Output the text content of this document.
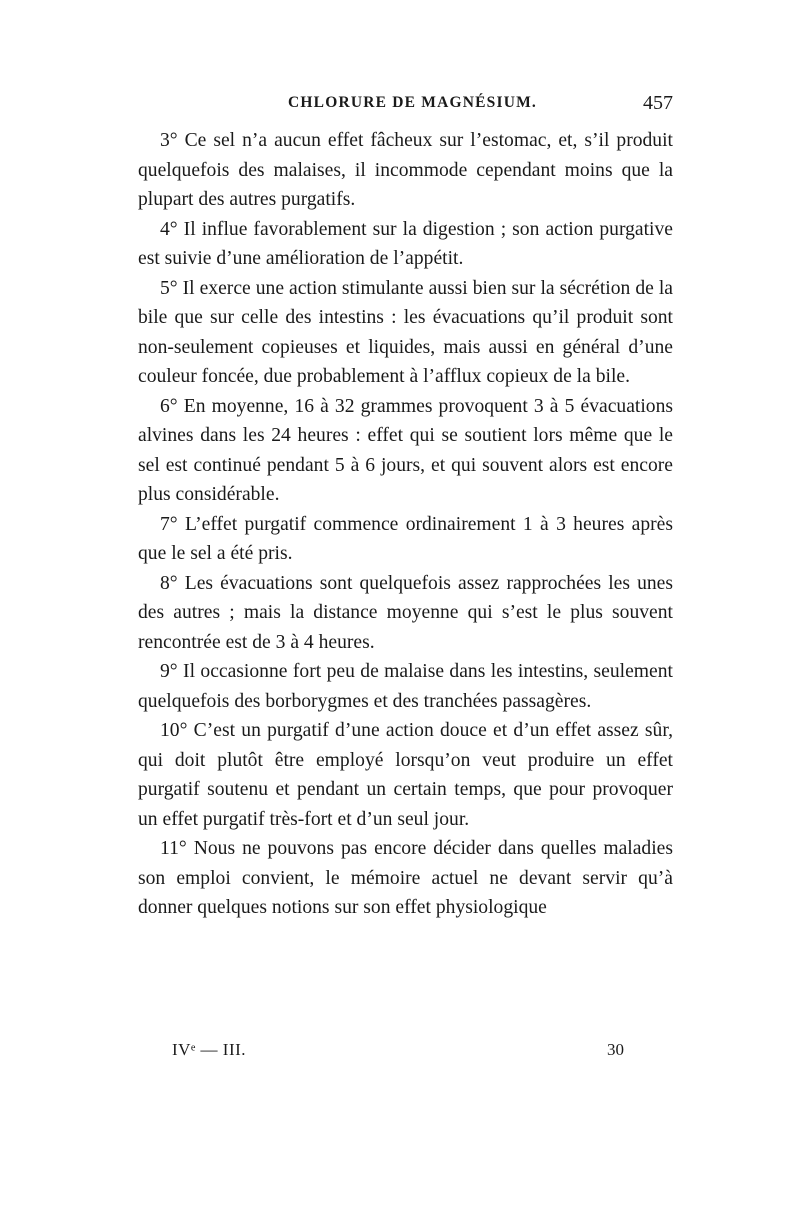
CHLORURE DE MAGNÉSIUM.	457

3° Ce sel n’a aucun effet fâcheux sur l’estomac, et, s’il produit quelquefois des malaises, il incommode cependant moins que la plupart des autres purgatifs.

4° Il influe favorablement sur la digestion ; son action purgative est suivie d’une amélioration de l’appétit.

5° Il exerce une action stimulante aussi bien sur la sécrétion de la bile que sur celle des intestins : les évacuations qu’il produit sont non-seulement copieuses et liquides, mais aussi en général d’une couleur foncée, due probablement à l’afflux copieux de la bile.

6° En moyenne, 16 à 32 grammes provoquent 3 à 5 évacuations alvines dans les 24 heures : effet qui se soutient lors même que le sel est continué pendant 5 à 6 jours, et qui souvent alors est encore plus considérable.

7° L’effet purgatif commence ordinairement 1 à 3 heures après que le sel a été pris.

8° Les évacuations sont quelquefois assez rapprochées les unes des autres ; mais la distance moyenne qui s’est le plus souvent rencontrée est de 3 à 4 heures.

9° Il occasionne fort peu de malaise dans les intestins, seulement quelquefois des borborygmes et des tranchées passagères.

10° C’est un purgatif d’une action douce et d’un effet assez sûr, qui doit plutôt être employé lorsqu’on veut produire un effet purgatif soutenu et pendant un certain temps, que pour provoquer un effet purgatif très-fort et d’un seul jour.

11° Nous ne pouvons pas encore décider dans quelles maladies son emploi convient, le mémoire actuel ne devant servir qu’à donner quelques notions sur son effet physiologique

IVᵉ — III.	30
